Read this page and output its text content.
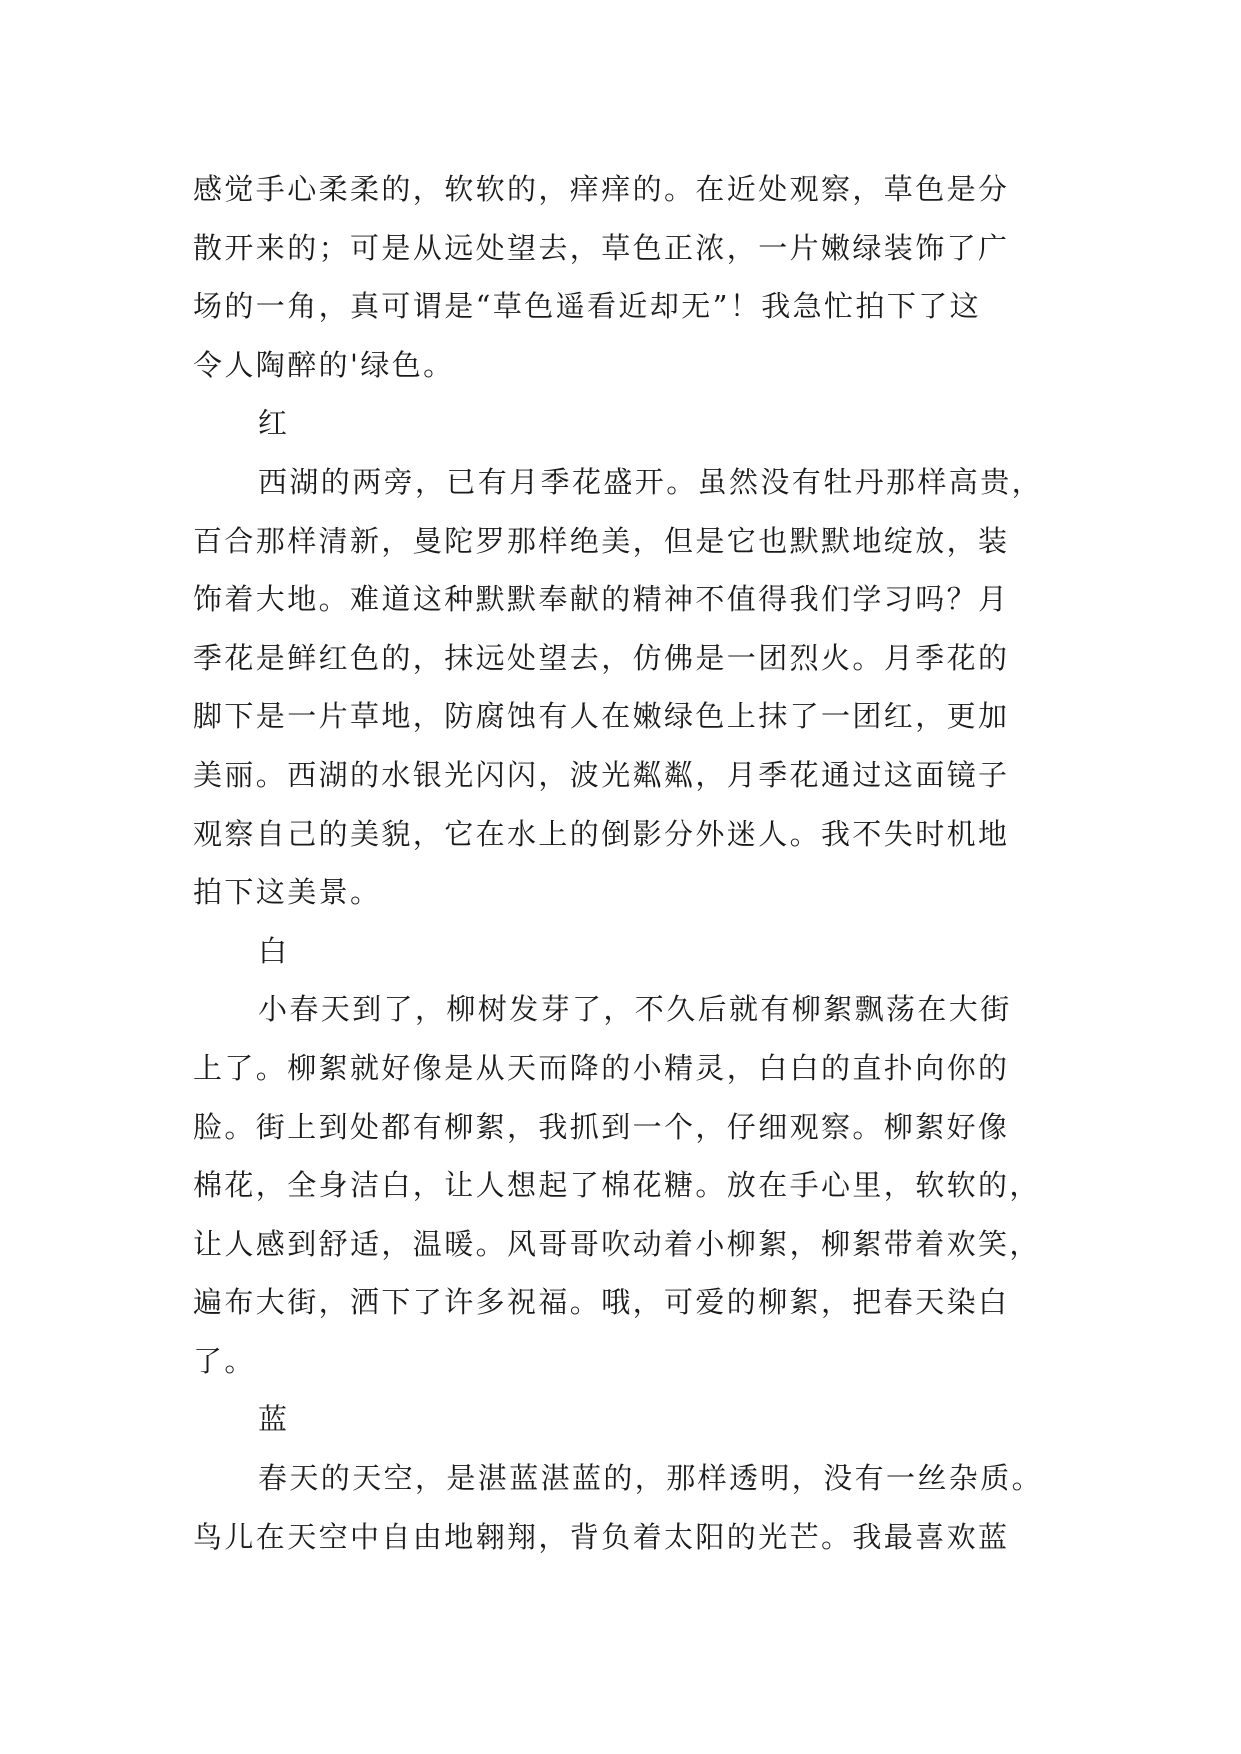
感觉手心柔柔的，软软的，痒痒的。在近处观察，草色是分
散开来的；可是从远处望去，草色正浓，一片嫩绿装饰了广
场的一角，真可谓是“草色遥看近却无”！我急忙拍下了这
令人陶醉的'绿色。
红
西湖的两旁，已有月季花盛开。虽然没有牡丹那样高贵，
百合那样清新，曼陀罗那样绝美，但是它也默默地绽放，装
饰着大地。难道这种默默奉献的精神不值得我们学习吗？月
季花是鲜红色的，抹远处望去，仿佛是一团烈火。月季花的
脚下是一片草地，防腐蚀有人在嫩绿色上抹了一团红，更加
美丽。西湖的水银光闪闪，波光粼粼，月季花通过这面镜子
观察自己的美貌，它在水上的倒影分外迷人。我不失时机地
拍下这美景。
白
小春天到了，柳树发芽了，不久后就有柳絮飘荡在大街
上了。柳絮就好像是从天而降的小精灵，白白的直扑向你的
脸。街上到处都有柳絮，我抓到一个，仔细观察。柳絮好像
棉花，全身洁白，让人想起了棉花糖。放在手心里，软软的，
让人感到舒适，温暖。风哥哥吹动着小柳絮，柳絮带着欢笑，
遍布大街，洒下了许多祝福。哦，可爱的柳絮，把春天染白
了。
蓝
春天的天空，是湛蓝湛蓝的，那样透明，没有一丝杂质。
鸟儿在天空中自由地翱翔，背负着太阳的光芒。我最喜欢蓝
